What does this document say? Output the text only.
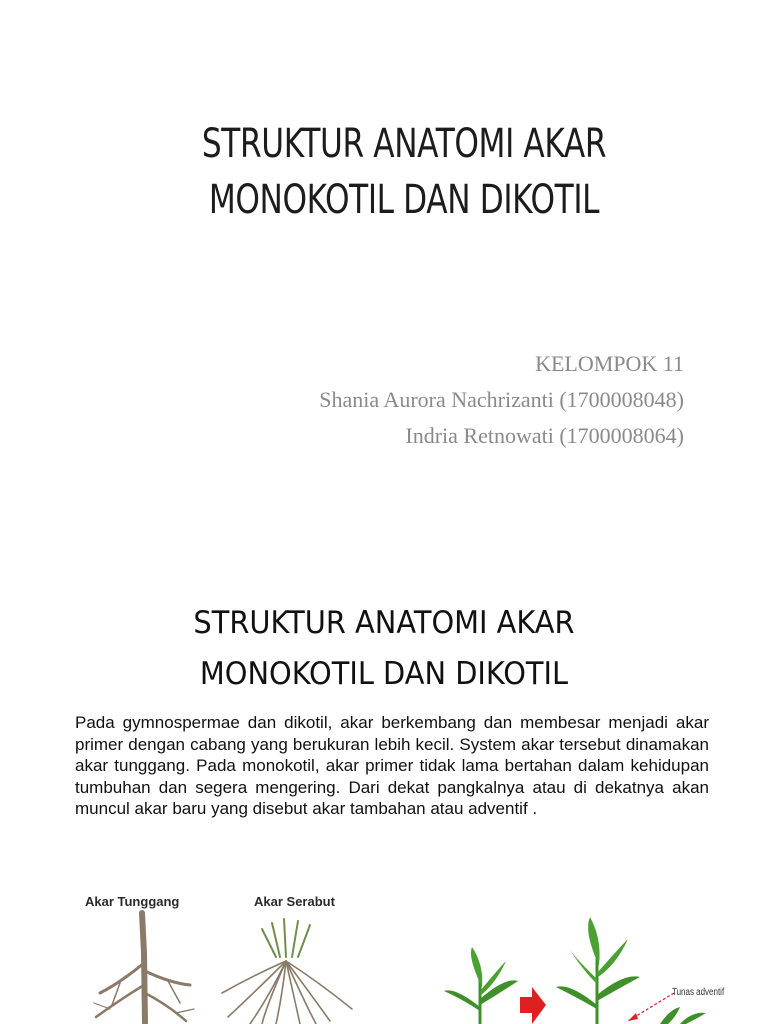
STRUKTUR ANATOMI AKAR
MONOKOTIL DAN DIKOTIL
KELOMPOK 11
Shania Aurora Nachrizanti (1700008048)
Indria Retnowati (1700008064)
STRUKTUR ANATOMI AKAR
MONOKOTIL DAN DIKOTIL
Pada gymnospermae dan dikotil, akar berkembang dan membesar menjadi akar primer dengan cabang yang berukuran lebih kecil. System akar tersebut dinamakan akar tunggang. Pada monokotil, akar primer tidak lama bertahan dalam kehidupan tumbuhan dan segera mengering. Dari dekat pangkalnya atau di dekatnya akan muncul akar baru yang disebut akar tambahan atau adventif .
Akar Tunggang	Akar Serabut
Tunas adventif
